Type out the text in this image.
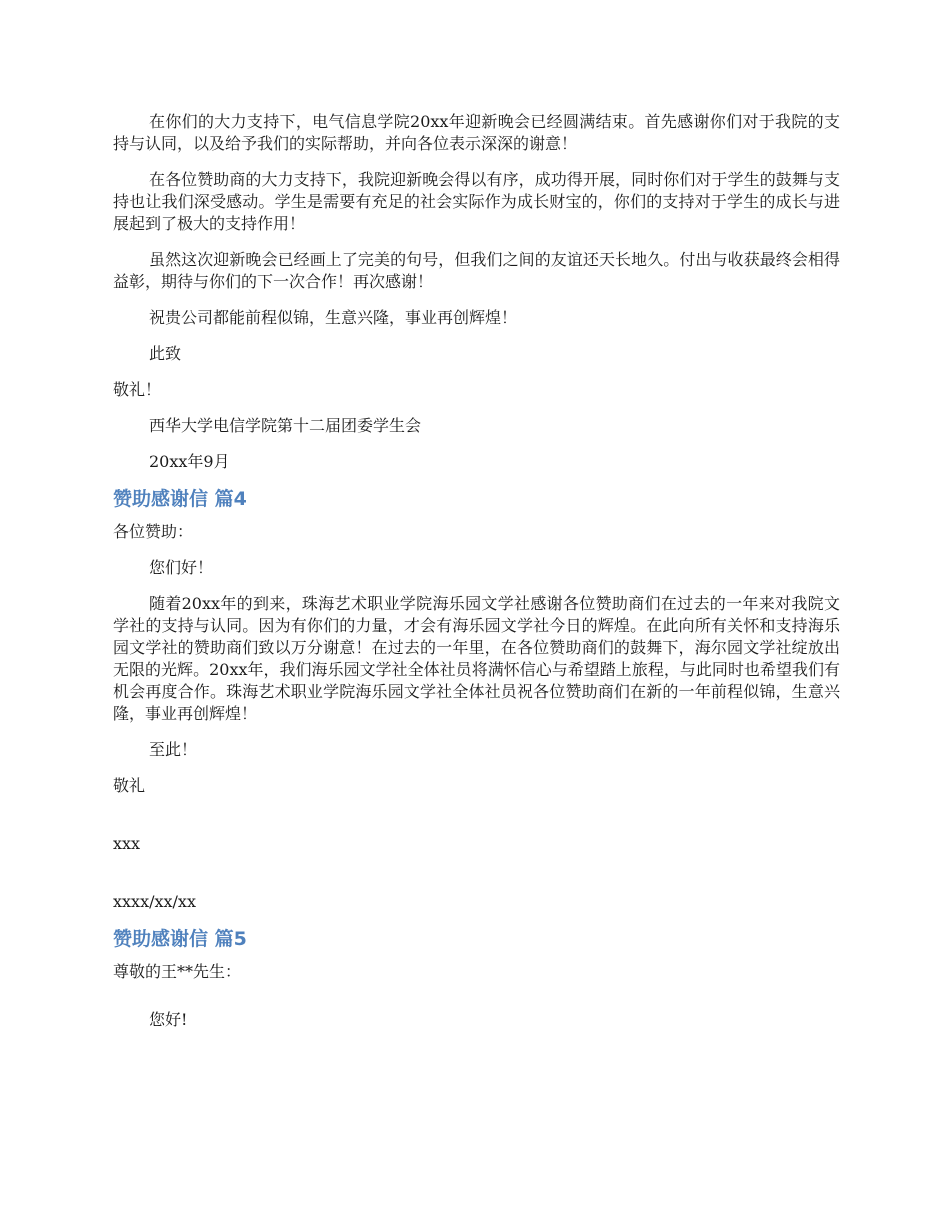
在你们的大力支持下，电气信息学院20xx年迎新晚会已经圆满结束。首先感谢你们对于我院的支持与认同，以及给予我们的实际帮助，并向各位表示深深的谢意！

在各位赞助商的大力支持下，我院迎新晚会得以有序，成功得开展，同时你们对于学生的鼓舞与支持也让我们深受感动。学生是需要有充足的社会实际作为成长财宝的，你们的支持对于学生的成长与进展起到了极大的支持作用！

虽然这次迎新晚会已经画上了完美的句号，但我们之间的友谊还天长地久。付出与收获最终会相得益彰，期待与你们的下一次合作！再次感谢！

祝贵公司都能前程似锦，生意兴隆，事业再创辉煌！

此致

敬礼！

西华大学电信学院第十二届团委学生会

20xx年9月

赞助感谢信 篇4

各位赞助：

您们好！

随着20xx年的到来，珠海艺术职业学院海乐园文学社感谢各位赞助商们在过去的一年来对我院文学社的支持与认同。因为有你们的力量，才会有海乐园文学社今日的辉煌。在此向所有关怀和支持海乐园文学社的赞助商们致以万分谢意！在过去的一年里，在各位赞助商们的鼓舞下，海尔园文学社绽放出无限的光辉。20xx年，我们海乐园文学社全体社员将满怀信心与希望踏上旅程，与此同时也希望我们有机会再度合作。珠海艺术职业学院海乐园文学社全体社员祝各位赞助商们在新的一年前程似锦，生意兴隆，事业再创辉煌！

至此！

敬礼

xxx

xxxx/xx/xx

赞助感谢信 篇5

尊敬的王**先生：

您好!
